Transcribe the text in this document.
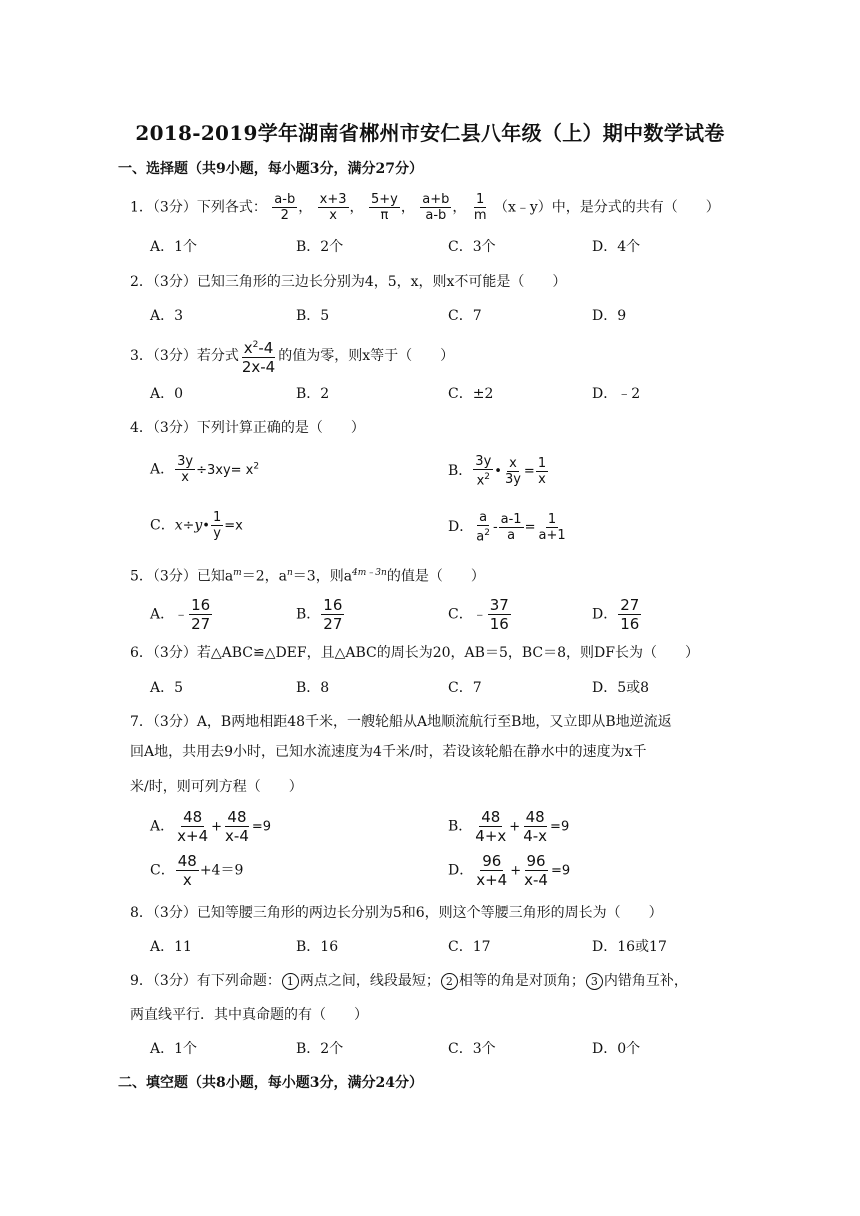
2018-2019学年湖南省郴州市安仁县八年级（上）期中数学试卷
一、选择题（共9小题，每小题3分，满分27分）
1．（3分）下列各式： $\frac{a-b}{2}$ ， $\frac{x+3}{x}$ ， $\frac{5+y}{\pi}$ ， $\frac{a+b}{a-b}$ ， $\frac{1}{m}$ （x﹣y）中，是分式的共有（　　）
A．1个	B．2个	C．3个	D．4个
2．（3分）已知三角形的三边长分别为4，5，x，则x不可能是（　　）
A．3	B．5	C．7	D．9
3．（3分）若分式 $\frac{x^2-4}{2x-4}$ 的值为零，则x等于（　　）
A．0	B．2	C．±2	D．﹣2
4．（3分）下列计算正确的是（　　）
A． $\frac{3y}{x} \div 3xy= x^2$	B． $\frac{3y}{x^2}$ • $\frac{x}{3y} = \frac{1}{x}$
C．x÷y• $\frac{1}{y} =x$	D． $\frac{a}{a^2} - \frac{a-1}{a} = \frac{1}{a+1}$
5．（3分）已知$a^m=2$，$a^n=3$，则$a^{4m﹣3n}$的值是（　　）
A．﹣ $\frac{16}{27}$	B． $\frac{16}{27}$	C．﹣ $\frac{37}{16}$	D． $\frac{27}{16}$
6．（3分）若△ABC≌△DEF，且△ABC的周长为20，AB＝5，BC＝8，则DF长为（　　）
A．5	B．8	C．7	D．5或8
7．（3分）A，B两地相距48千米，一艘轮船从A地顺流航行至B地，又立即从B地逆流返
回A地，共用去9小时，已知水流速度为4千米/时，若设该轮船在静水中的速度为x千
米/时，则可列方程（　　）
A． $\frac{48}{x+4} + \frac{48}{x-4} =9$	B． $\frac{48}{4+x} + \frac{48}{4-x} =9$
C． $\frac{48}{x} +4=9$	D． $\frac{96}{x+4} + \frac{96}{x-4} =9$
8．（3分）已知等腰三角形的两边长分别为5和6，则这个等腰三角形的周长为（　　）
A．11	B．16	C．17	D．16或17
9．（3分）有下列命题： 1 两点之间，线段最短； 2 相等的角是对顶角； 3 内错角互补，
两直线平行．其中真命题的有（　　）
A．1个	B．2个	C．3个	D．0个
二、填空题（共8小题，每小题3分，满分24分）
